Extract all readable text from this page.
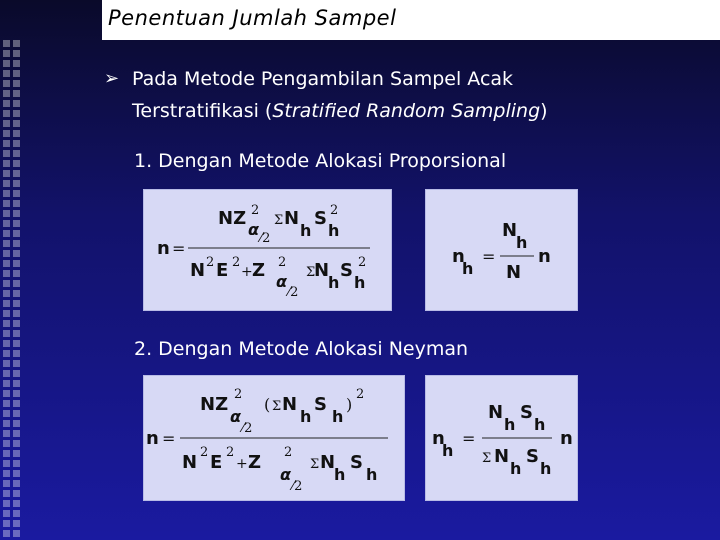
Penentuan Jumlah Sampel
➢ Pada Metode Pengambilan Sampel Acak
Terstratifikasi (Stratified Random Sampling)
1. Dengan Metode Alokasi Proporsional
n =
NZ 2
α ⁄2
Σ N
h
S 2
h
N 2 E 2
+ Z 2
α
⁄2
Σ
N
h
S 2
h
n
h
=
N
h
N
n
2. Dengan Metode Alokasi Neyman
n =
NZ 2
α
⁄2
( Σ N
h
S
h
)
2
N 2 E 2
+ Z 2
α
⁄2
Σ N
h
S
h
n
h
=
N
h
S
h
Σ N
h
S
h
n
